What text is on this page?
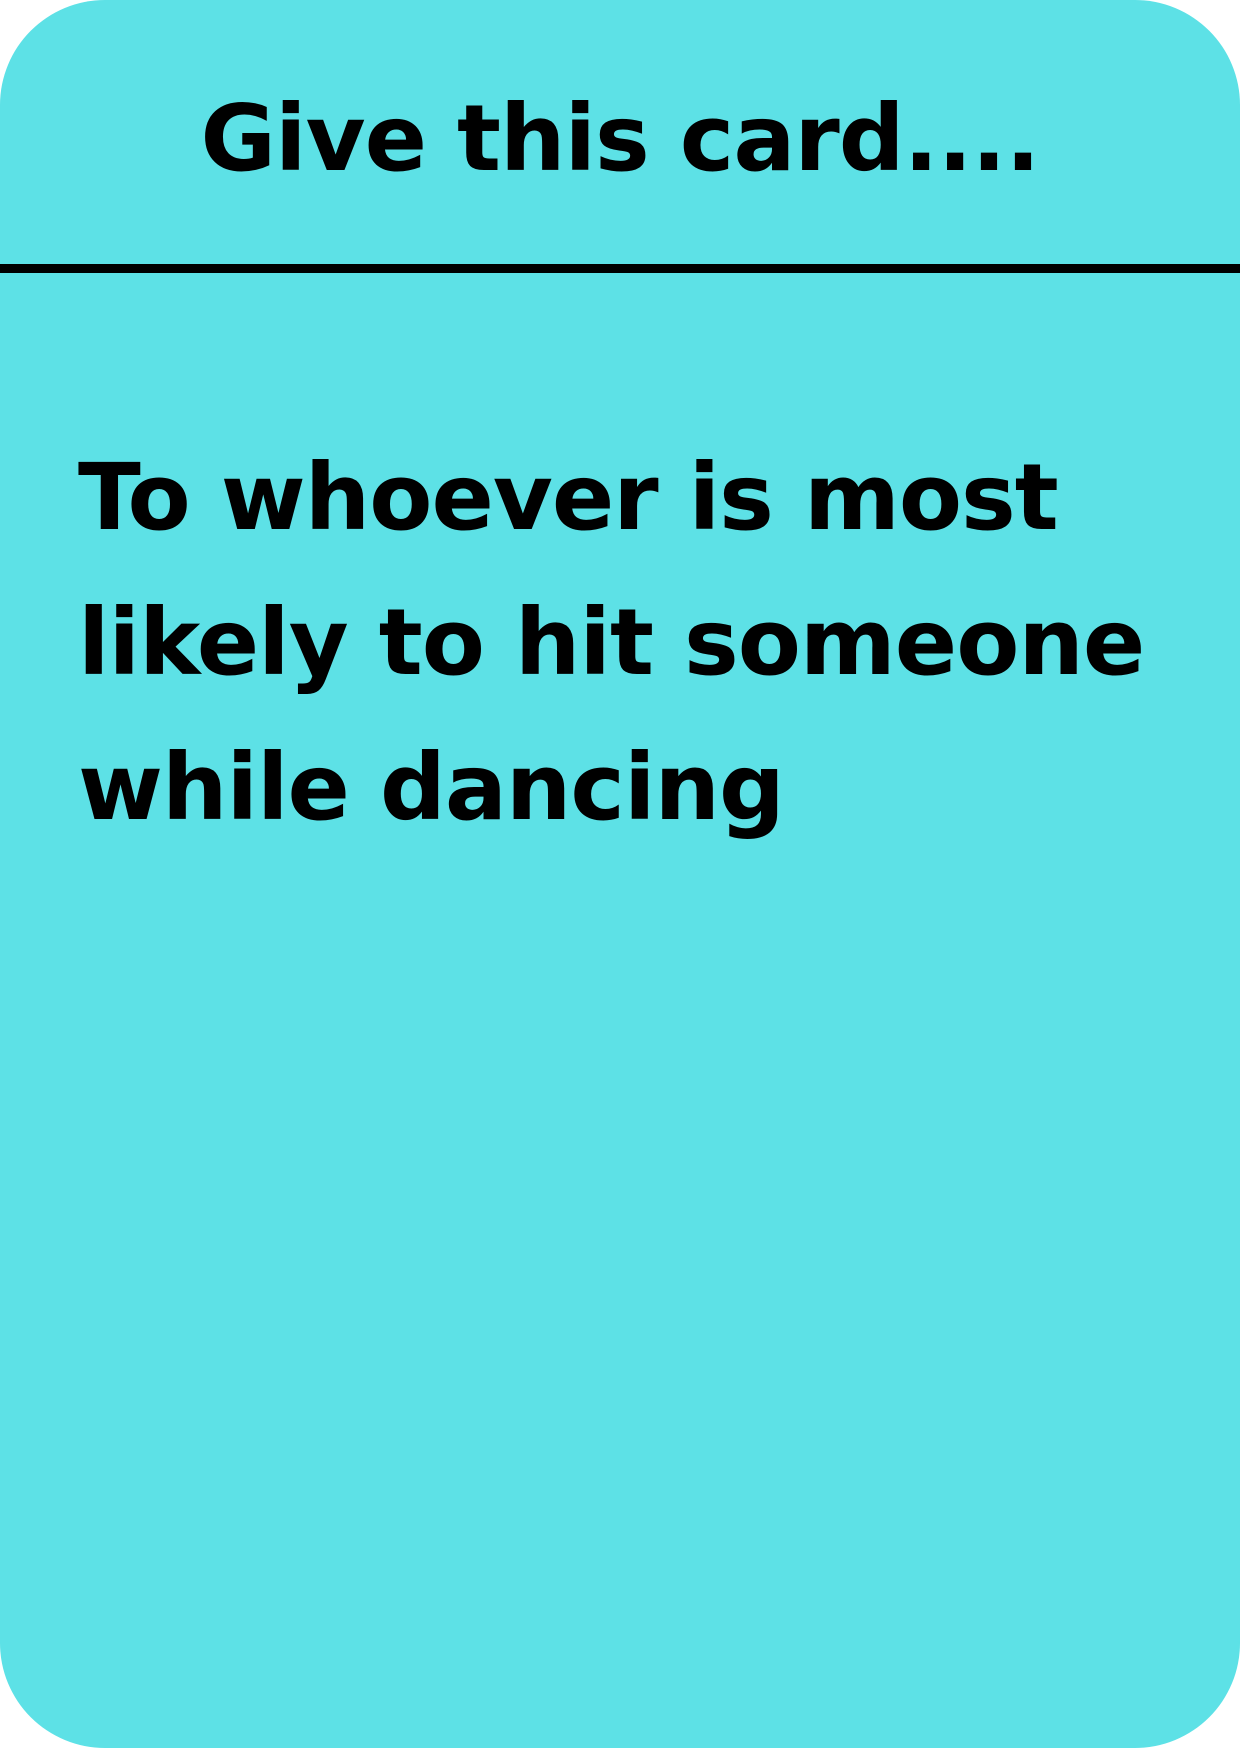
Give this card....

To whoever is most likely to hit someone while dancing
